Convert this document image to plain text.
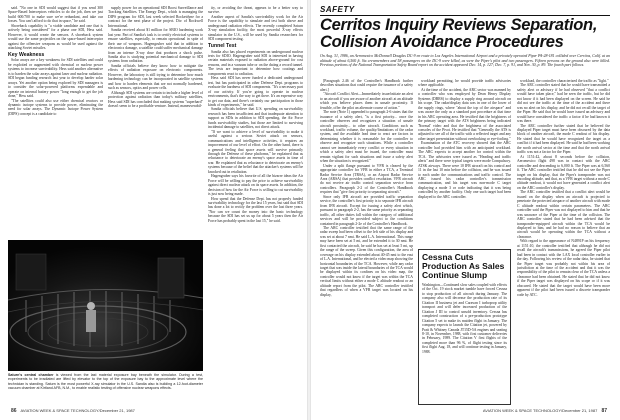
said. "No one in SDI would suggest that if you send 300 Space-Based Interceptors vehicles to do the job, then we just build 600/700 to make sure we're redundant, and take our losses. You can't afford to do that in space," he said.

Shoreback capability is "a viable candidate and one that is actively being considered" for a phase one SDI, Hess said. However, it would create the sensors. A shoreback system would use the same projectiles on the space-based interceptor against the offensive weapons as would be used against the attacking Soviet missiles.

Key Weakness

Solar arrays are a key weakness for SDI satellites and could be exploited or augmented with chemical or nuclear power systems to increase survivability. Hess said another alternative is to harden the solar arrays against laser and nuclear radiation. SDI began funding research last year to develop harder solar arrays. Yet another option being explored by SDI managers is to consider the solar-powered platforms expendable and operate on internal battery power "long enough to get the job done," Hess said.

"The satellites could also use either chemical reactors or dynamic isotope systems to provide power, eliminating the need for solar arrays. The Dynamic Isotope Power System (DIPS) concept is a candidate to

supply power for an operational SDI Boost Surveillance and Tracking Satellites. The Energy Dept., which is managing the DIPS program for SDI, last week selected Rocketdyne for a contract for the next phase of the project. Div. of Rockwell International.

Sandia received about $1 million for SBIO hardening work last year. Part of Sandia's task is to certify electrical systems to ensure satellites, especially, to remain operational in spite of their use of weapons. Hagengruber said that in addition to electronics damage, a satellite could suffer mechanical damage from an intense X-ray dose that produces a shock pulse. Sandia also is studying potential mechanical damage to SDI systems from radiation.

Sandia officials believe they know how to mitigate the effects of radiation exposure on electronic components. However, the laboratory is still trying to determine how much hardening technology can be incorporated in satellite systems and how to harden elements that are not normally hardened, such as sensors, optics and power cells.

Although SDI systems are certain to include a higher level of protection against radiation than today's military satellites, Hess said SDI has concluded that making systems "superhard" doesn't seem to be a profitable venture. Instead, maneuverabil-

ity, or avoiding the threat, appears to be a better way to survive.

Another aspect of Sandia's survivability work for the Air Force is the capability to simulate and test both above and underground radiation effects. The recently completed Saturn X-ray simulation facility, the most powerful X-ray effects simulator in the U.S., will be used by Sandia researchers for SDI component testing.

Tunnel Test

Sandia also has placed experiments on underground nuclear tests for SDIO. Hagengruber said SDI is interested in having certain materials exposed to radiation above-ground for cost reasons, and in a vacuum tube or on the dating a record tunnel. The tests are important to determine how coatings and components react to radiation.

Hess said SDI has never funded a dedicated underground test, but has participated in other Defense Dept. programs to evaluate the hardness of SDI components. "It's a necessary part of our activity. If you're going to operate in nuclear environments, that's the way to get there. It's an expensive way to get our data, and there's certainly our participation in those kinds of experiments," he said.

Sandia officials believe that U.S. spending on survivability research has been insufficient and that inadequate attention to support as SDIs in addition to SDI spending, the Air Force funds survivability studies, but those are limited to surviving incidental damage to satellites, not direct attack.

"If we want to achieve a level of survivability to make it useful against a serious Soviet attack on sensors, communications and intelligence activities, it requires an improvement of our level of effort. On the other hand, there is a general feeling that space assets will survive primarily through the Defense of these platforms," he explained that as reluctance to deteriorate an enemy's space assets in time of war. He explained that as reluctance to deteriorate an enemy's systems because of the belief that the attacker's systems will be knocked out in retaliation.

Hagengruber says his favorite of all the bizarre ideas the Air Force will be willing to pay the price to achieve survivability against direct nuclear attack on its space assets. In addition, the decision of how far the Air Force is willing to cut survivability is just now being made.

How spend that the Defense Dept. has not properly funded survivability technology for the last 15 years, but said that SDI has done a lot to rectify the problem over the last three years. "Nor can we count the money into the basic technology because the SDI has set us up for about 5 years then the Air Force has probably spent in the last 15," he said.

Saturn's central chamber is viewed from the last material exposure bay beneath the simulator. During a test, experiments to be irradiated are lifted by elevator to the top of the exposure bay to the approximate level where the technician is standing. Saturn is the most powerful X-ray simulator in the U.S. Sandia also is building a 12-foot-diameter vacuum chamber at Kirtland AFB, N.M., to enable realistic testing of offensive nuclear weapons effects.
86 AVIATION WEEK & SPACE TECHNOLOGY/December 21, 1987
SAFETY
Cerritos Inquiry Reviews Separation,
Collision Avoidance Procedures
On Aug. 31, 1986, an Aeromexico McDonnell Douglas DC-9 en route to Los Angeles International Airport and a privately operated Piper PA-28-181 collided over Cerritos, Calif. at an altitude of about 6,560 ft. Six crewmembers and 58 passengers on the DC-9 were killed, as were the Piper's pilot and two passengers. Fifteen persons on the ground also were killed. Previous portions of the National Transportation Safety Board report on the accident appeared Dec. 14, p. 127; Dec. 7, p. 91, and Nov. 30, p. 89. The fourth part follows.

[Paragraph 2.46 of the Controller's Handbook further describes situations that could require the issuance of a safety alert.]

"Aircraft Conflict Alert—Immediately issue/initiate an alert to an aircraft if you are aware of another aircraft at an altitude which you believe places them in unsafe proximity. If feasible, offer the pilot an alternate course of action."

The note (Note 1) appended to paragraph 2-6 states that the issuance of a safety alert, "is a first priority... once the controller observes and recognizes a situation of unsafe aircraft proximity... to other aircraft. Conditions such as workload, traffic volume, the quality/limitations of the radar system, and the available lead time to react are factors in determining whether it is reasonable for the controller to observe and recognize such situations. While a controller cannot see immediately every conflict or every situation in which a safety alert must be issued, the controller must remain vigilant for such situations and issue a safety alert when the situation is recognized."

Under a split flange pursuant to VFR is cleared by the appropriate controller for VFR in either a TCA, a Terminal Radar Service Area (TRSA), or an Airport Radar Service Area (ARSA) that provides conflict resolution. VFR aircraft do not receive air traffic control separation service from controllers. Paragraph 2-2 of the Controller's Handbook requires that "give first priority to separating aircraft."

Since only IFR aircraft are provided traffic separation service, the controller's first priority is to separate IFR aircraft from IFR aircraft. Except for issuing a safety alert which, pursuant to paragraph 2-2, has the same priority as separating traffic, all other duties fall within the category of additional services and will be provided subject to the conditions contained in paragraph 2-2e of the Controller's Handbook.

The ARC controller testified that the same range of the radar sweep had been offset to the left side of his display and was set at about 7 nmi. He said L.A. International. This range may have been set at 5 mi, and he extended it to 30 nmi. He first contacted the aircraft, he said he has set at least 5 mi, up the range of the sweep. Given this configuration, the area of coverage on his display extended about 40-45 nmi to the east of L.A. International, and he elected a video map showing the horizontal boundaries of the TCA. However, while any radar target that was inside the lateral boundaries of the TCA would be displayed within its confines on his video map, the controller would not know if the target was within the TCA vertical limits without either a mode C altitude readout or an altitude report from the pilot. The ARC controller testified that regardless of when a VFR target was located on his display,

workload permitting, he would provide traffic advisories where applicable.

At the time of the accident, the ARC sector was manned by a controller who was employed by Dean Henry Display Systems (DBRS) to display a supply ring around aircraft on his scope. The radar/display data was in one of the lower of the supply rings, where "about the top of the airspace" and was aware the only as a standard part procedure at that time in his ARC operating area. He testified that the brightness of the primary target with the ATS brightness being indicated 'Normal' video and that the brightness of the associated consoles of the Pivot. He testified that "Generally the ATS is adjusted to see all of the traffic with a reflected target and any other target presentation without overlooking or eye-fooling."

Examination of the ATC recovery showed that the ARC controller had provided him with an anticipated workload. The ARC expects to accept another for control within the TCA. The advisories were issued as "Heading and traffic alerts" and there were typical targets were mode Compulsory. ATSK airways. There were 10 IFR aircraft on his control and 11 in the last 10 min before the collision, and he was issued to each under the communications and traffic control. The ARC issued his radar controller's transmission communication, and his target was non-mode C target displaying a mode 3 or code indicating that it was being controlled by another facility. Only one such target had been displayed to the ARC controller.

Cessna Cuts Production As Sales Continue Slump
Washington—Continued slow sales coupled with effects of the Oct. 19 stock market tumble have forced Cessna to stop production of all aircraft during January. The company also will decrease the production rate of its Citation II business jet and Caravan I turboprop utility transport and will defer increased production of the Citation J III to control unsold inventory. Cessna has completed construction of a pre-production prototype Citation 5 set to make its maiden flight in January. The company expects to launch the Citation jet, powered by Pratt & Whitney Canada JT15D-5A engines and seating 8-10, in November, 1988, with first customer deliveries in February, 1989. The Citation V first flights of the completed more than 96 %, of flight testing since its first flight Aug. 18, and will continue testing in January, 1988.

workload, the controller characterized the traffic as "light."

The ARC controller stated that he would have transmitted a safety alert or advisory if he had observed "that a conflict would have taken place," had he seen the traffic, but he did not know if it had been displayed on the screen. He said he did not see the traffic at the time of the accident and there was no alert on his display, and he did not recall the target of the Piper. He said that he would have issued an advisory and would have considered the traffic a factor if he had known it was there.

The ARC controller further stated that he believed the displayed Piper target must have been obscured by the data block of another aircraft, the mode C readout of his display. He stated that he would have recognized the target as a conflict if it had been displayed. He said he had been working the north arrival sector at the time and that the north arrival traffic was not a factor for the Piper.

At 1151:42, about 8 seconds before the collision, Aeromexico flight 498 was in contact with the ARC controller and descending to 6,000 ft. The Piper was at 6,560 ft. The ARC controller testified that he did not see the Piper target on his display, that the Piper's transponder was not encoding altitude, and that, as a VFR target without a mode C altitude readout, it would not have generated a conflict alert on the ARC controller's display.

The ARC controller testified that a conflict alert would be issued on the display when an aircraft is projected to penetrate the protected airspace of another aircraft with mode C altitude readout within certain parameters. The ARC controller said the Piper was not displayed to him and that he was unaware of the Piper at the time of the collision. The ARC controller stated that he had been advised that the transponder-equipped aircraft within the TCA would be displayed to him, and he had no reason to believe that an aircraft would be operating within the TCA without a clearance.

With regard to the appearance of N4891P on his frequency at 1151:10, the controller testified that although he did not recall the aircraft's transmissions, he agreed the Piper pilot had been in contact with the LAX local controller earlier in the day. Following his review of the radar data, he stated that the Piper target was probably not within his area of jurisdiction at the time of the accident and that it was the responsibility of the pilot to remain clear of the TCA unless a clearance had been obtained. He stated that he did not know if the Piper target was displayed on his scope or if it was obscured. He stated that the target would have been more apparent if the pilot had been issued a discrete transponder code by ATC.

AVIATION WEEK & SPACE TECHNOLOGY/December 21, 1987 87
